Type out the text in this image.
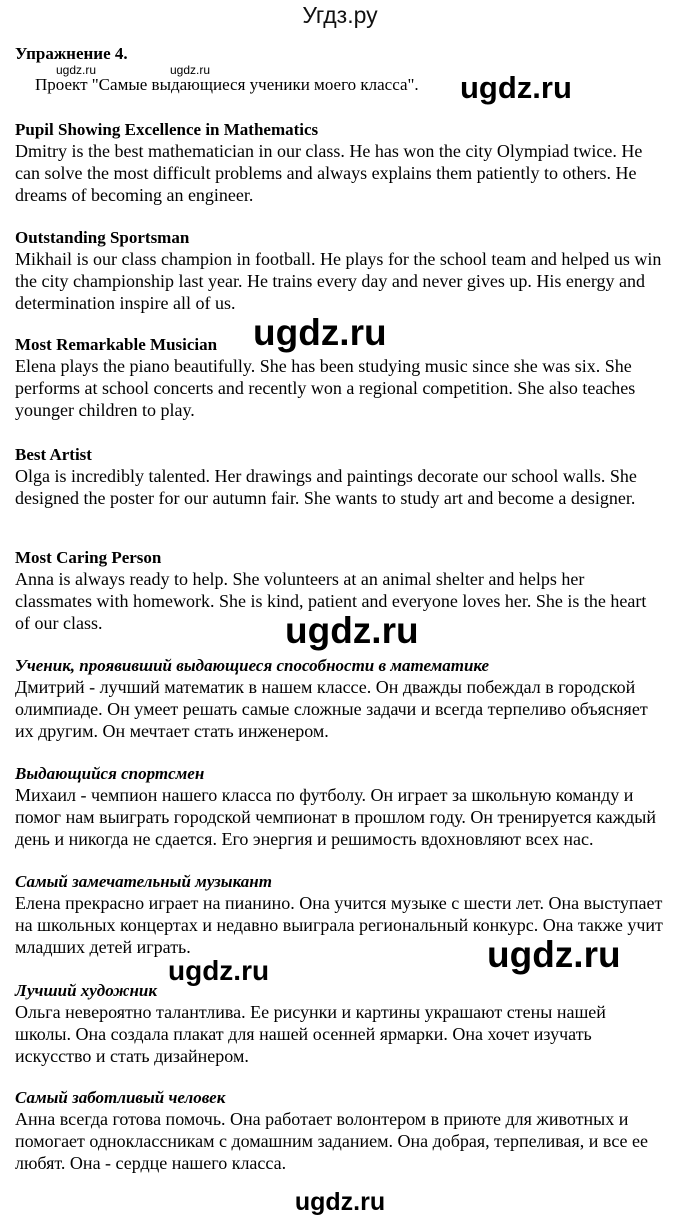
Угдз.ру
Упражнение 4.
ugdz.ru	ugdz.ru
Проект "Самые выдающиеся ученики моего класса".
Pupil Showing Excellence in Mathematics
Dmitry is the best mathematician in our class. He has won the city Olympiad twice. He can solve the most difficult problems and always explains them patiently to others. He dreams of becoming an engineer.
Outstanding Sportsman
Mikhail is our class champion in football. He plays for the school team and helped us win the city championship last year. He trains every day and never gives up. His energy and determination inspire all of us.
Most Remarkable Musician
Elena plays the piano beautifully. She has been studying music since she was six. She performs at school concerts and recently won a regional competition. She also teaches younger children to play.
Best Artist
Olga is incredibly talented. Her drawings and paintings decorate our school walls. She designed the poster for our autumn fair. She wants to study art and become a designer.
Most Caring Person
Anna is always ready to help. She volunteers at an animal shelter and helps her classmates with homework. She is kind, patient and everyone loves her. She is the heart of our class.
Ученик, проявивший выдающиеся способности в математике
Дмитрий - лучший математик в нашем классе. Он дважды побеждал в городской олимпиаде. Он умеет решать самые сложные задачи и всегда терпеливо объясняет их другим. Он мечтает стать инженером.
Выдающийся спортсмен
Михаил - чемпион нашего класса по футболу. Он играет за школьную команду и помог нам выиграть городской чемпионат в прошлом году. Он тренируется каждый день и никогда не сдается. Его энергия и решимость вдохновляют всех нас.
Самый замечательный музыкант
Елена прекрасно играет на пианино. Она учится музыке с шести лет. Она выступает на школьных концертах и недавно выиграла региональный конкурс. Она также учит младших детей играть.
Лучший художник
Ольга невероятно талантлива. Ее рисунки и картины украшают стены нашей школы. Она создала плакат для нашей осенней ярмарки. Она хочет изучать искусство и стать дизайнером.
Самый заботливый человек
Анна всегда готова помочь. Она работает волонтером в приюте для животных и помогает одноклассникам с домашним заданием. Она добрая, терпеливая, и все ее любят. Она - сердце нашего класса.
ugdz.ru
ugdz.ru
ugdz.ru
ugdz.ru
ugdz.ru
ugdz.ru
